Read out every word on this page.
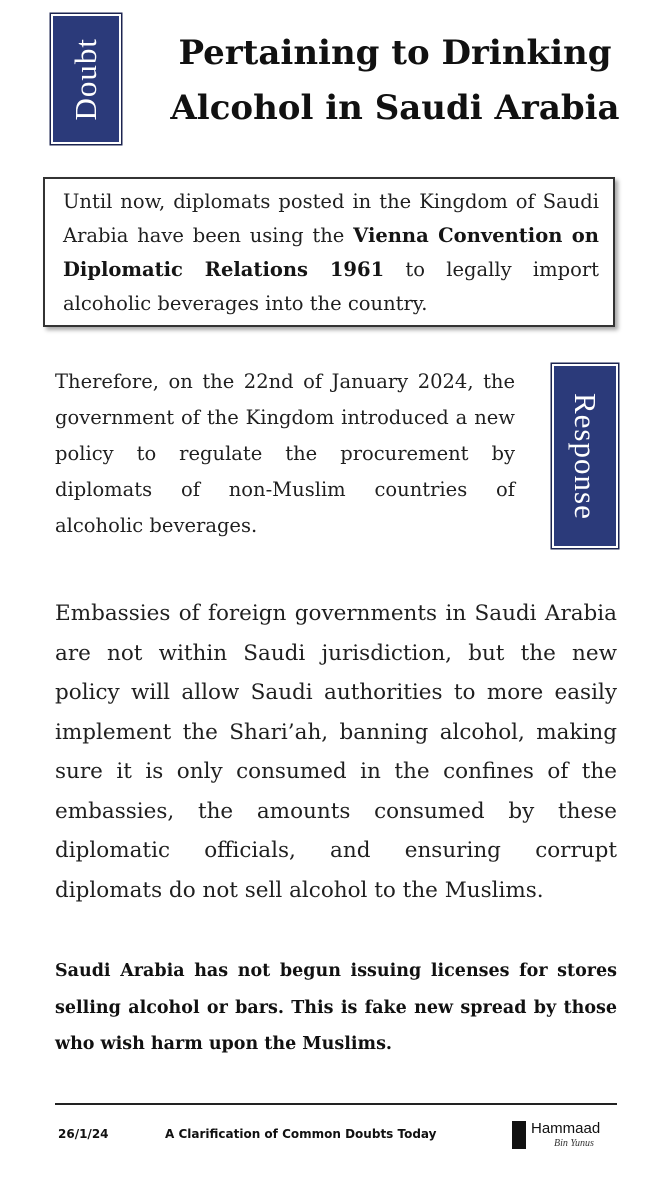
Doubt	Pertaining to Drinking
Alcohol in Saudi Arabia
Until now, diplomats posted in the Kingdom of Saudi Arabia have been using the Vienna Convention on Diplomatic Relations 1961 to legally import alcoholic beverages into the country.

Therefore, on the 22nd of January 2024, the government of the Kingdom introduced a new policy to regulate the procurement by diplomats of non-Muslim countries of alcoholic beverages.

Response

Embassies of foreign governments in Saudi Arabia are not within Saudi jurisdiction, but the new policy will allow Saudi authorities to more easily implement the Shari’ah, banning alcohol, making sure it is only consumed in the confines of the embassies, the amounts consumed by these diplomatic officials, and ensuring corrupt diplomats do not sell alcohol to the Muslims.

Saudi Arabia has not begun issuing licenses for stores selling alcohol or bars. This is fake new spread by those who wish harm upon the Muslims.

26/1/24	A Clarification of Common Doubts Today	Hammaad
Bin Yunus
